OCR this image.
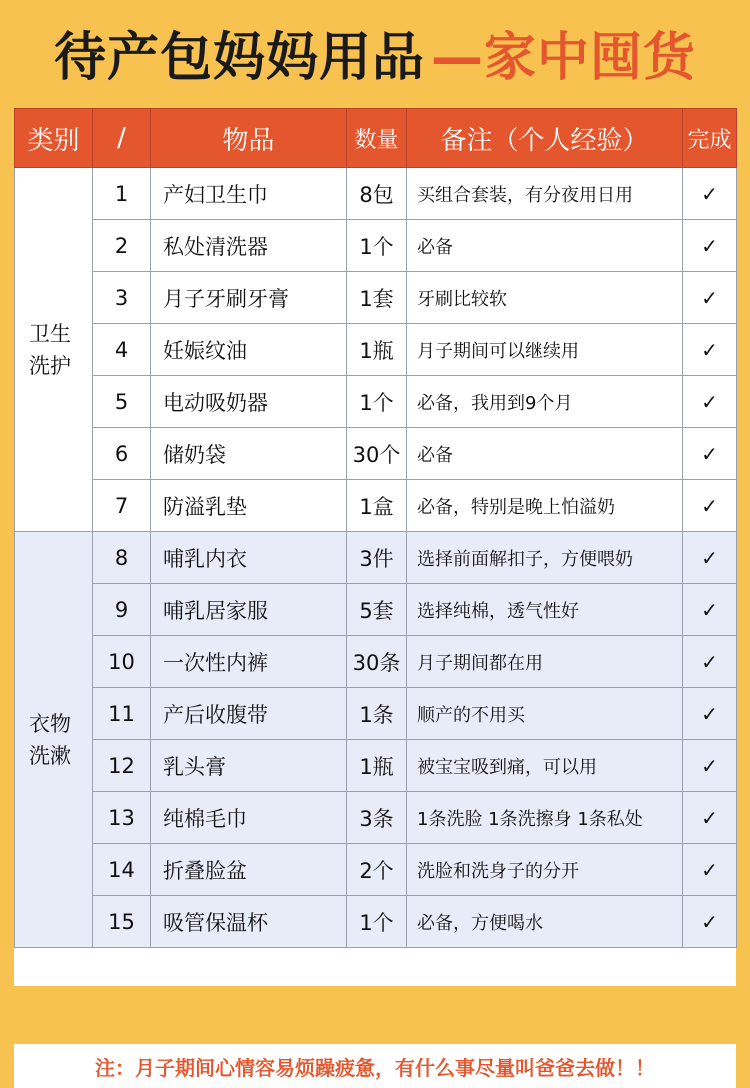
待产包妈妈用品 —家中囤货
类别	/	物品	数量	备注（个人经验）	完成

卫生
洗护	1	产妇卫生巾	8包	买组合套装，有分夜用日用	✓
	2	私处清洗器	1个	必备	✓
	3	月子牙刷牙膏	1套	牙刷比较软	✓
	4	妊娠纹油	1瓶	月子期间可以继续用	✓
	5	电动吸奶器	1个	必备，我用到9个月	✓
	6	储奶袋	30个	必备	✓
	7	防溢乳垫	1盒	必备，特别是晚上怕溢奶	✓

衣物
洗漱	8	哺乳内衣	3件	选择前面解扣子，方便喂奶	✓
	9	哺乳居家服	5套	选择纯棉，透气性好	✓
	10	一次性内裤	30条	月子期间都在用	✓
	11	产后收腹带	1条	顺产的不用买	✓
	12	乳头膏	1瓶	被宝宝吸到痛，可以用	✓
	13	纯棉毛巾	3条	1条洗脸 1条洗擦身 1条私处	✓
	14	折叠脸盆	2个	洗脸和洗身子的分开	✓
	15	吸管保温杯	1个	必备，方便喝水	✓
注：月子期间心情容易烦躁疲惫，有什么事尽量叫爸爸去做！！
